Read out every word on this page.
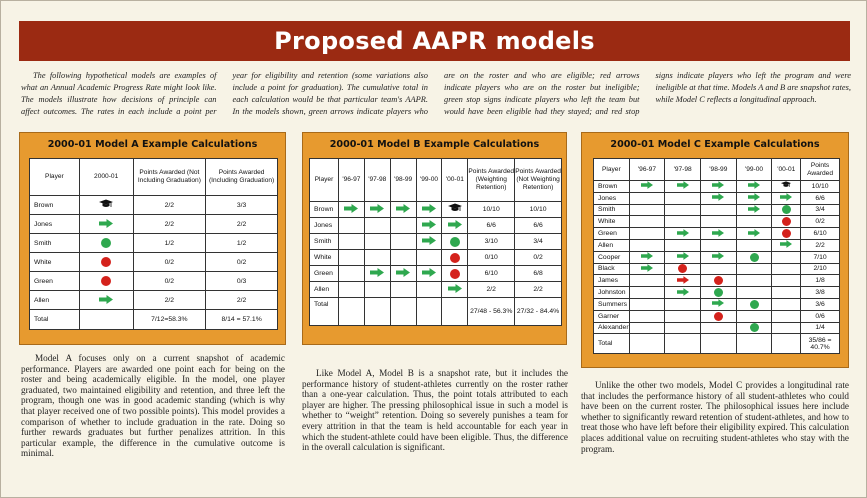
Proposed AAPR models

The following hypothetical models are examples of what an Annual Academic Progress Rate might look like. The models illustrate how decisions of principle can affect outcomes. The rates in each include a point per year for eligibility and retention (some variations also include a point for graduation). The cumulative total in each calculation would be that particular team's AAPR. In the models shown, green arrows indicate players who are on the roster and who are eligible; red arrows indicate players who are on the roster but ineligible; green stop signs indicate players who left the team but would have been eligible had they stayed; and red stop signs indicate players who left the program and were ineligible at that time. Models A and B are snapshot rates, while Model C reflects a longitudinal approach.

2000-01 Model A Example Calculations
Player	2000-01	Points Awarded (Not Including Graduation)	Points Awarded (Including Graduation)
Brown		2/2	3/3
Jones		2/2	2/2
Smith		1/2	1/2
White		0/2	0/2
Green		0/2	0/3
Allen		2/2	2/2
Total		7/12=58.3%	8/14 = 57.1%
2000-01 Model B Example Calculations
Player	'96-97	'97-98	'98-99	'99-00	'00-01	Points Awarded (Weighting Retention)	Points Awarded (Not Weighting Retention)
Brown						10/10	10/10
Jones						6/6	6/6
Smith						3/10	3/4
White						0/10	0/2
Green						6/10	6/8
Allen						2/2	2/2
Total						27/48 - 56.3%	27/32 - 84.4%
2000-01 Model C Example Calculations
Player	'96-97	'97-98	'98-99	'99-00	'00-01	Points Awarded
Brown						10/10
Jones						6/6
Smith						3/4
White						0/2
Green						6/10
Allen						2/2
Cooper						7/10
Black						2/10
James						1/8
Johnston						3/8
Summers						3/6
Garner						0/6
Alexander						1/4
Total						35/86 = 40.7%

Model A focuses only on a current snapshot of academic performance. Players are awarded one point each for being on the roster and being academically eligible. In the model, one player graduated, two maintained eligibility and retention, and three left the program, though one was in good academic standing (which is why that player received one of two possible points). This model provides a comparison of whether to include graduation in the rate. Doing so further rewards graduates but further penalizes attrition. In this particular example, the difference in the cumulative outcome is minimal.

Like Model A, Model B is a snapshot rate, but it includes the performance history of student-athletes currently on the roster rather than a one-year calculation. Thus, the point totals attributed to each player are higher. The pressing philosophical issue in such a model is whether to “weight” retention. Doing so severely punishes a team for every attrition in that the team is held accountable for each year in which the student-athlete could have been eligible. Thus, the difference in the overall calculation is significant.

Unlike the other two models, Model C provides a longitudinal rate that includes the performance history of all student-athletes who could have been on the current roster. The philosophical issues here include whether to significantly reward retention of student-athletes, and how to treat those who have left before their eligibility expired. This calculation places additional value on recruiting student-athletes who stay with the program.
